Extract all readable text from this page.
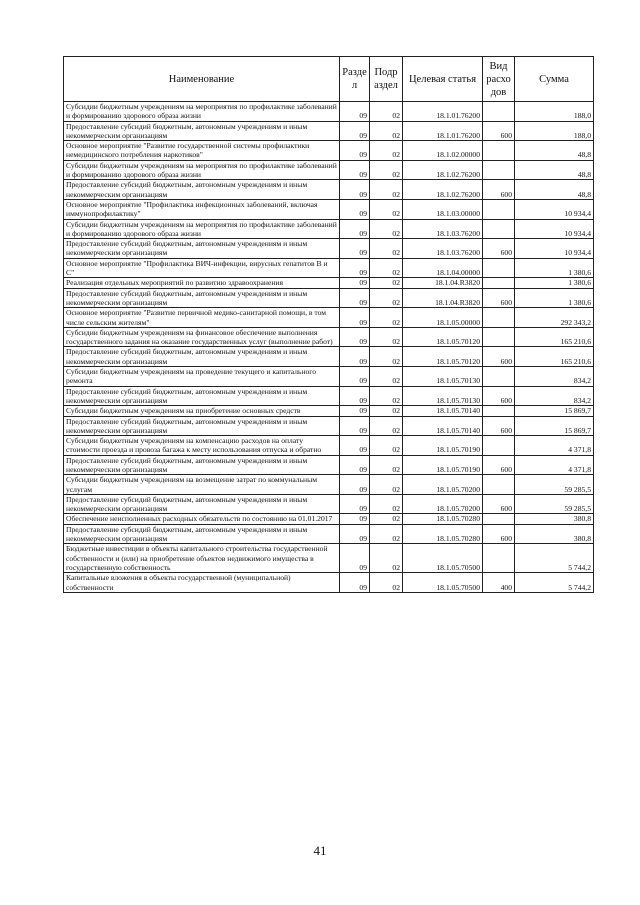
Наименование	Разде л	Подр аздел	Целевая статья	Вид расхо дов	Сумма
Субсидии бюджетным учреждениям на мероприятия по профилактике заболеваний и формированию здорового образа жизни	09	02	18.1.01.76200		188,0
Предоставление субсидий бюджетным, автономным учреждениям и иным некоммерческим организациям	09	02	18.1.01.76200	600	188,0
Основное мероприятие "Развитие государственной системы профилактики немедицинского потребления наркотиков"	09	02	18.1.02.00000		48,8
Субсидии бюджетным учреждениям на мероприятия по профилактике заболеваний и формированию здорового образа жизни	09	02	18.1.02.76200		48,8
Предоставление субсидий бюджетным, автономным учреждениям и иным некоммерческим организациям	09	02	18.1.02.76200	600	48,8
Основное мероприятие "Профилактика инфекционных заболеваний, включая иммунопрофилактику"	09	02	18.1.03.00000		10 934,4
Субсидии бюджетным учреждениям на мероприятия по профилактике заболеваний и формированию здорового образа жизни	09	02	18.1.03.76200		10 934,4
Предоставление субсидий бюджетным, автономным учреждениям и иным некоммерческим организациям	09	02	18.1.03.76200	600	10 934,4
Основное мероприятие "Профилактика ВИЧ-инфекции, вирусных гепатитов В и С"	09	02	18.1.04.00000		1 380,6
Реализация отдельных мероприятий по развитию здравоохранения	09	02	18.1.04.R3820		1 380,6
Предоставление субсидий бюджетным, автономным учреждениям и иным некоммерческим организациям	09	02	18.1.04.R3820	600	1 380,6
Основное мероприятие "Развитие первичной медико-санитарной помощи, в том числе сельским жителям"	09	02	18.1.05.00000		292 343,2
Субсидии бюджетным учреждениям на финансовое обеспечение выполнения государственного задания на оказание государственных услуг (выполнение работ)	09	02	18.1.05.70120		165 210,6
Предоставление субсидий бюджетным, автономным учреждениям и иным некоммерческим организациям	09	02	18.1.05.70120	600	165 210,6
Субсидии бюджетным учреждениям на проведение текущего и капитального ремонта	09	02	18.1.05.70130		834,2
Предоставление субсидий бюджетным, автономным учреждениям и иным некоммерческим организациям	09	02	18.1.05.70130	600	834,2
Субсидии бюджетным учреждениям на приобретение основных средств	09	02	18.1.05.70140		15 869,7
Предоставление субсидий бюджетным, автономным учреждениям и иным некоммерческим организациям	09	02	18.1.05.70140	600	15 869,7
Субсидии бюджетным учреждениям на компенсацию расходов на оплату стоимости проезда и провоза багажа к месту использования отпуска и обратно	09	02	18.1.05.70190		4 371,8
Предоставление субсидий бюджетным, автономным учреждениям и иным некоммерческим организациям	09	02	18.1.05.70190	600	4 371,8
Субсидии бюджетным учреждениям на возмещение затрат по коммунальным услугам	09	02	18.1.05.70200		59 285,5
Предоставление субсидий бюджетным, автономным учреждениям и иным некоммерческим организациям	09	02	18.1.05.70200	600	59 285,5
Обеспечение неисполненных расходных обязательств по состоянию на 01.01.2017	09	02	18.1.05.70280		380,8
Предоставление субсидий бюджетным, автономным учреждениям и иным некоммерческим организациям	09	02	18.1.05.70280	600	380,8
Бюджетные инвестиции в объекты капитального строительства государственной собственности и (или) на приобретение объектов недвижимого имущества в государственную собственность	09	02	18.1.05.70500		5 744,2
Капитальные вложения в объекты государственной (муниципальной) собственности	09	02	18.1.05.70500	400	5 744,2
41
